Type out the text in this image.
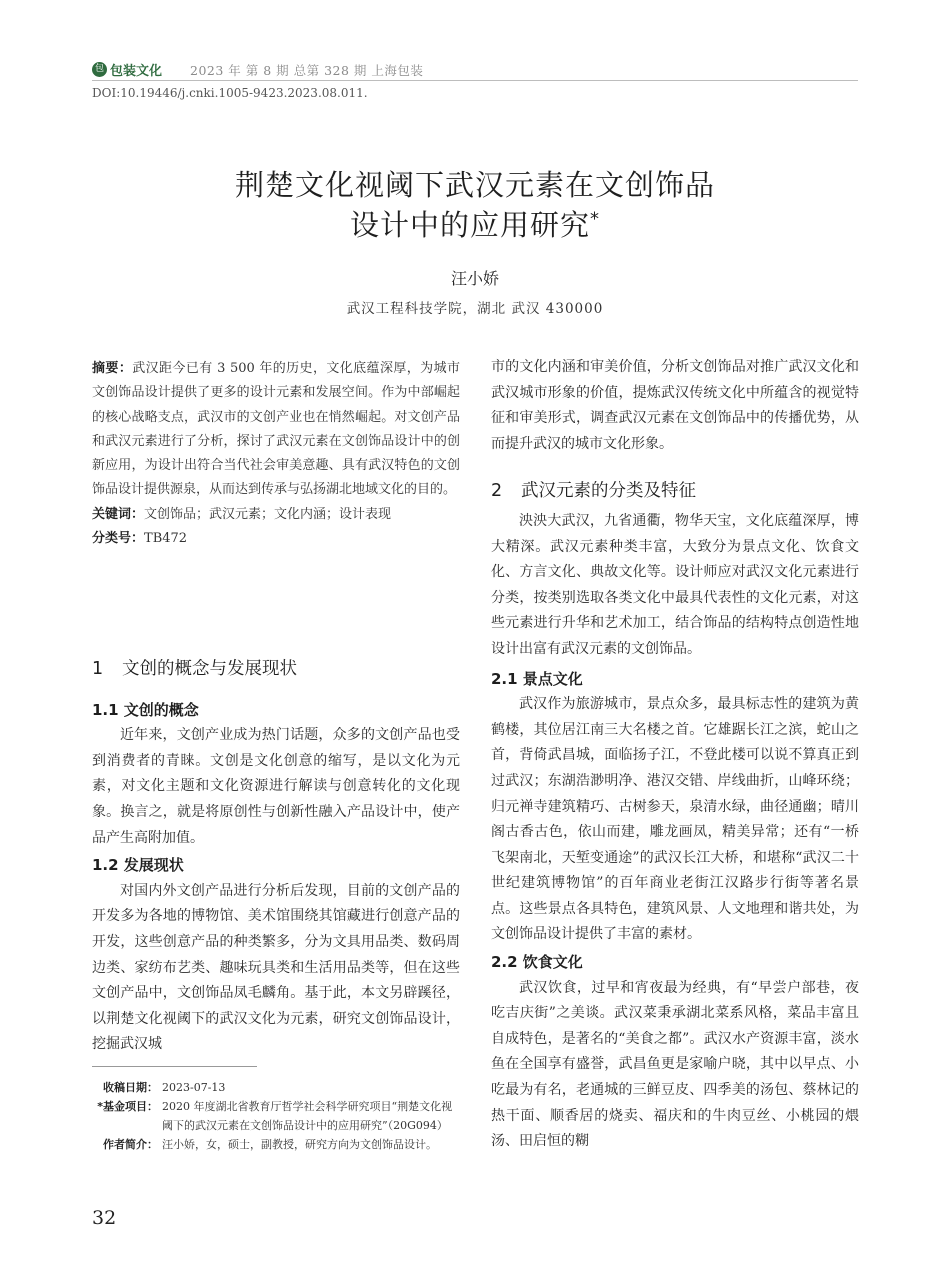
包 包装文化 2023 年 第 8 期 总第 328 期 上海包装
DOI:10.19446/j.cnki.1005-9423.2023.08.011.
荆楚文化视阈下武汉元素在文创饰品
设计中的应用研究*
汪小娇
武汉工程科技学院，湖北 武汉 430000

摘要：武汉距今已有 3 500 年的历史，文化底蕴深厚，为城市文创饰品设计提供了更多的设计元素和发展空间。作为中部崛起的核心战略支点，武汉市的文创产业也在悄然崛起。对文创产品和武汉元素进行了分析，探讨了武汉元素在文创饰品设计中的创新应用，为设计出符合当代社会审美意趣、具有武汉特色的文创饰品设计提供源泉，从而达到传承与弘扬湖北地域文化的目的。

关键词：文创饰品；武汉元素；文化内涵；设计表现

分类号：TB472

1 文创的概念与发展现状
1.1 文创的概念

近年来，文创产业成为热门话题，众多的文创产品也受到消费者的青睐。文创是文化创意的缩写，是以文化为元素，对文化主题和文化资源进行解读与创意转化的文化现象。换言之，就是将原创性与创新性融入产品设计中，使产品产生高附加值。

1.2 发展现状

对国内外文创产品进行分析后发现，目前的文创产品的开发多为各地的博物馆、美术馆围绕其馆藏进行创意产品的开发，这些创意产品的种类繁多，分为文具用品类、数码周边类、家纺布艺类、趣味玩具类和生活用品类等，但在这些文创产品中，文创饰品凤毛麟角。基于此，本文另辟蹊径，以荆楚文化视阈下的武汉文化为元素，研究文创饰品设计，挖掘武汉城

收稿日期： 2023-07-13
*基金项目： 2020 年度湖北省教育厅哲学社会科学研究项目“荆楚文化视阈下的武汉元素在文创饰品设计中的应用研究”（20G094）
作者简介： 汪小娇，女，硕士，副教授，研究方向为文创饰品设计。

市的文化内涵和审美价值，分析文创饰品对推广武汉文化和武汉城市形象的价值，提炼武汉传统文化中所蕴含的视觉特征和审美形式，调查武汉元素在文创饰品中的传播优势，从而提升武汉的城市文化形象。

2 武汉元素的分类及特征

泱泱大武汉，九省通衢，物华天宝，文化底蕴深厚，博大精深。武汉元素种类丰富，大致分为景点文化、饮食文化、方言文化、典故文化等。设计师应对武汉文化元素进行分类，按类别选取各类文化中最具代表性的文化元素，对这些元素进行升华和艺术加工，结合饰品的结构特点创造性地设计出富有武汉元素的文创饰品。

2.1 景点文化

武汉作为旅游城市，景点众多，最具标志性的建筑为黄鹤楼，其位居江南三大名楼之首。它雄踞长江之滨，蛇山之首，背倚武昌城，面临扬子江，不登此楼可以说不算真正到过武汉；东湖浩渺明净、港汉交错、岸线曲折，山峰环绕；归元禅寺建筑精巧、古树参天，泉清水绿，曲径通幽；晴川阁古香古色，依山而建，雕龙画凤，精美异常；还有“一桥飞架南北，天堑变通途”的武汉长江大桥，和堪称“武汉二十世纪建筑博物馆”的百年商业老街江汉路步行街等著名景点。这些景点各具特色，建筑风景、人文地理和谐共处，为文创饰品设计提供了丰富的素材。

2.2 饮食文化

武汉饮食，过早和宵夜最为经典，有“早尝户部巷，夜吃吉庆街”之美谈。武汉菜秉承湖北菜系风格，菜品丰富且自成特色，是著名的“美食之都”。武汉水产资源丰富，淡水鱼在全国享有盛誉，武昌鱼更是家喻户晓，其中以早点、小吃最为有名，老通城的三鲜豆皮、四季美的汤包、蔡林记的热干面、顺香居的烧卖、福庆和的牛肉豆丝、小桃园的煨汤、田启恒的糊

32
